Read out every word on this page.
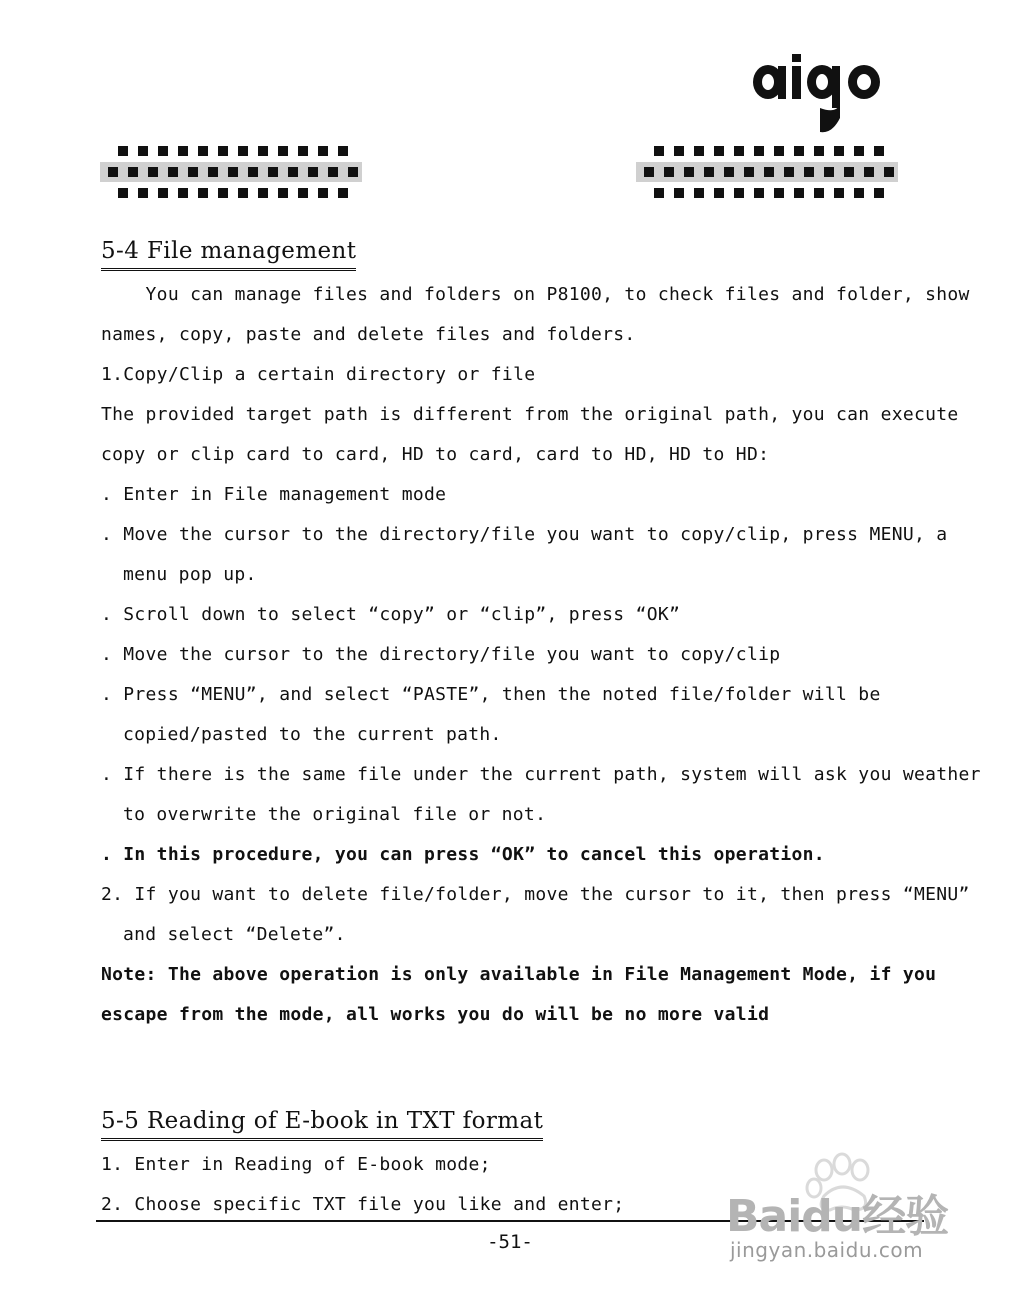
5-4 File management
You can manage files and folders on P8100, to check files and folder, show
names, copy, paste and delete files and folders.
1.Copy/Clip a certain directory or file
The provided target path is different from the original path, you can execute
copy or clip card to card, HD to card, card to HD, HD to HD:
. Enter in File management mode
. Move the cursor to the directory/file you want to copy/clip, press MENU, a
menu pop up.
. Scroll down to select “copy” or “clip”, press “OK”
. Move the cursor to the directory/file you want to copy/clip
. Press “MENU”, and select “PASTE”, then the noted file/folder will be
copied/pasted to the current path.
. If there is the same file under the current path, system will ask you weather
to overwrite the original file or not.
. In this procedure, you can press “OK” to cancel this operation.
2. If you want to delete file/folder, move the cursor to it, then press “MENU”
and select “Delete”.
Note: The above operation is only available in File Management Mode, if you
escape from the mode, all works you do will be no more valid
5-5 Reading of E-book in TXT format
1. Enter in Reading of E-book mode;
2. Choose specific TXT file you like and enter;
-51-	Baidu经验
jingyan.baidu.com
